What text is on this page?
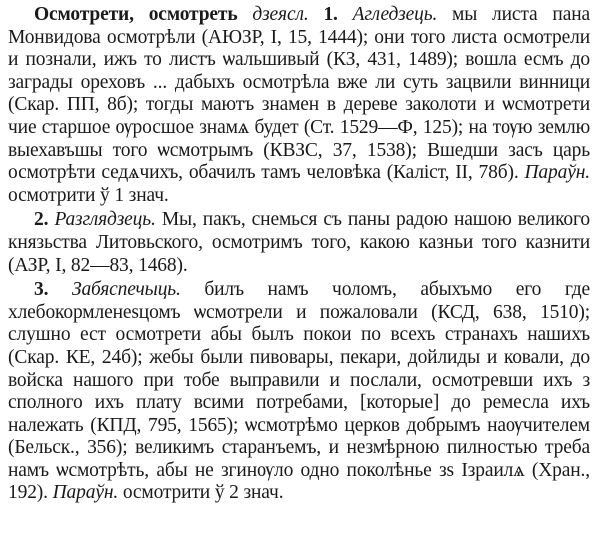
Осмотрети, осмотреть дзеясл. 1. Агледзець. мы листа пана Монвидова осмотрѣли (АЮЗР, I, 15, 1444); они того листа осмотрели и познали, ижъ то листъ ѡальшивый (КЗ, 431, 1489); вошла есмъ до заграды ореховъ ... дабыхъ осмотрѣла вже ли суть зацвили винници (Скар. ПП, 8б); тогды маютъ знамен в дереве заколоти и ѡсмотрети чие старшое ѹросшое знамѧ будет (Ст. 1529—Ф, 125); на тѹю землю выехавъшы того ѡсмотрымъ (КВЗС, 37, 1538); Вшедши засъ царь осмотрѣти седѧчихъ, обачилъ тамъ человѣка (Каліст, II, 78б). Параўн. осмотрити ў 1 знач.

2. Разглядзець. Мы, пакъ, снемься съ паны радою нашою великого князьства Литовьского, осмотримъ того, какою казньи того казнити (АЗР, I, 82—83, 1468).

3. Забяспечыць. билъ намъ чоломъ, абыхъмо его где хлебокормленеѕцомъ ѡсмотрели и пожаловали (КСД, 638, 1510); слушно ест осмотрети абы былъ покои по всехъ странахъ нашихъ (Скар. КЕ, 24б); жебы были пивовары, пекари, дойлиды и ковали, до войска нашого при тобе выправили и послали, осмотревши ихъ з сполного ихъ плату всими потребами, [которые] до ремесла ихъ належать (КПД, 795, 1565); ѡсмотрѣмо церков добрымъ наѹчителем (Бельск., 356); великимъ старанъемъ, и незмѣрною пилностью треба намъ ѡсмотрѣть, абы не згинѹло одно поколѣнье зѕ Ізраилѧ (Хран., 192). Параўн. осмотрити ў 2 знач.
